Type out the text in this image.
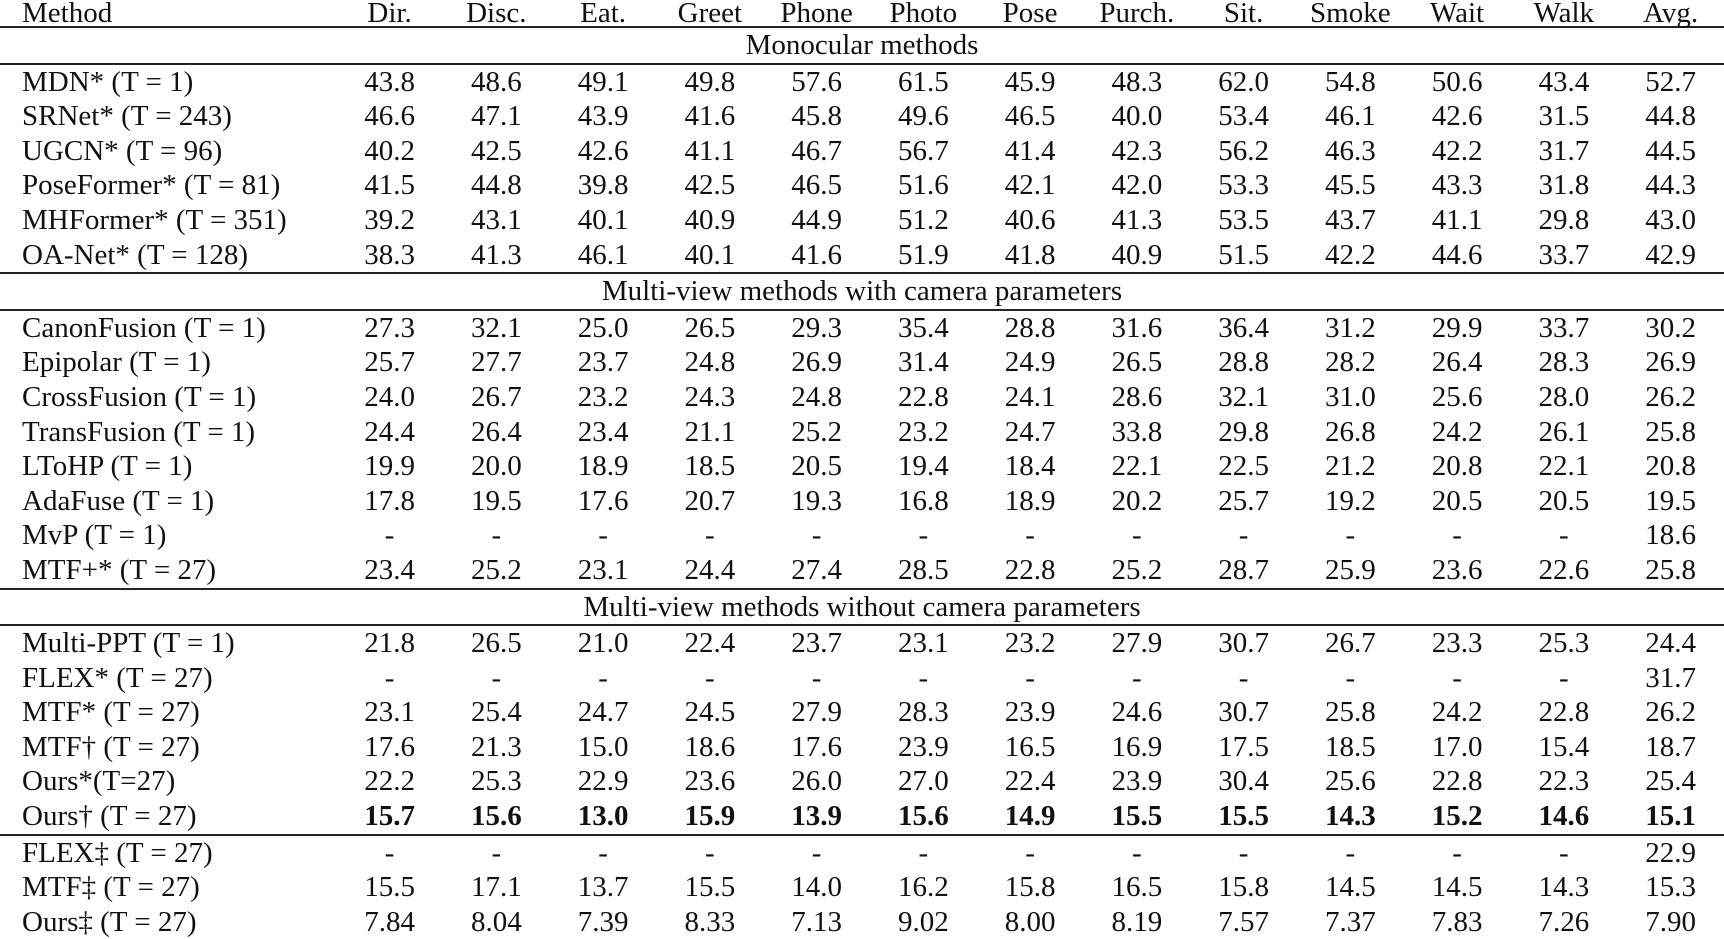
Method	Dir.	Disc.	Eat.	Greet	Phone	Photo	Pose	Purch.	Sit.	Smoke	Wait	Walk	Avg.
Monocular methods													
MDN* (T = 1)	43.8	48.6	49.1	49.8	57.6	61.5	45.9	48.3	62.0	54.8	50.6	43.4	52.7
SRNet* (T = 243)	46.6	47.1	43.9	41.6	45.8	49.6	46.5	40.0	53.4	46.1	42.6	31.5	44.8
UGCN* (T = 96)	40.2	42.5	42.6	41.1	46.7	56.7	41.4	42.3	56.2	46.3	42.2	31.7	44.5
PoseFormer* (T = 81)	41.5	44.8	39.8	42.5	46.5	51.6	42.1	42.0	53.3	45.5	43.3	31.8	44.3
MHFormer* (T = 351)	39.2	43.1	40.1	40.9	44.9	51.2	40.6	41.3	53.5	43.7	41.1	29.8	43.0
OA-Net* (T = 128)	38.3	41.3	46.1	40.1	41.6	51.9	41.8	40.9	51.5	42.2	44.6	33.7	42.9
Multi-view methods with camera parameters													
CanonFusion (T = 1)	27.3	32.1	25.0	26.5	29.3	35.4	28.8	31.6	36.4	31.2	29.9	33.7	30.2
Epipolar (T = 1)	25.7	27.7	23.7	24.8	26.9	31.4	24.9	26.5	28.8	28.2	26.4	28.3	26.9
CrossFusion (T = 1)	24.0	26.7	23.2	24.3	24.8	22.8	24.1	28.6	32.1	31.0	25.6	28.0	26.2
TransFusion (T = 1)	24.4	26.4	23.4	21.1	25.2	23.2	24.7	33.8	29.8	26.8	24.2	26.1	25.8
LToHP (T = 1)	19.9	20.0	18.9	18.5	20.5	19.4	18.4	22.1	22.5	21.2	20.8	22.1	20.8
AdaFuse (T = 1)	17.8	19.5	17.6	20.7	19.3	16.8	18.9	20.2	25.7	19.2	20.5	20.5	19.5
MvP (T = 1)	-	-	-	-	-	-	-	-	-	-	-	-	18.6
MTF+* (T = 27)	23.4	25.2	23.1	24.4	27.4	28.5	22.8	25.2	28.7	25.9	23.6	22.6	25.8
Multi-view methods without camera parameters													
Multi-PPT (T = 1)	21.8	26.5	21.0	22.4	23.7	23.1	23.2	27.9	30.7	26.7	23.3	25.3	24.4
FLEX* (T = 27)	-	-	-	-	-	-	-	-	-	-	-	-	31.7
MTF* (T = 27)	23.1	25.4	24.7	24.5	27.9	28.3	23.9	24.6	30.7	25.8	24.2	22.8	26.2
MTF† (T = 27)	17.6	21.3	15.0	18.6	17.6	23.9	16.5	16.9	17.5	18.5	17.0	15.4	18.7
Ours*(T=27)	22.2	25.3	22.9	23.6	26.0	27.0	22.4	23.9	30.4	25.6	22.8	22.3	25.4
Ours† (T = 27)	15.7	15.6	13.0	15.9	13.9	15.6	14.9	15.5	15.5	14.3	15.2	14.6	15.1
FLEX‡ (T = 27)	-	-	-	-	-	-	-	-	-	-	-	-	22.9
MTF‡ (T = 27)	15.5	17.1	13.7	15.5	14.0	16.2	15.8	16.5	15.8	14.5	14.5	14.3	15.3
Ours‡ (T = 27)	7.84	8.04	7.39	8.33	7.13	9.02	8.00	8.19	7.57	7.37	7.83	7.26	7.90
